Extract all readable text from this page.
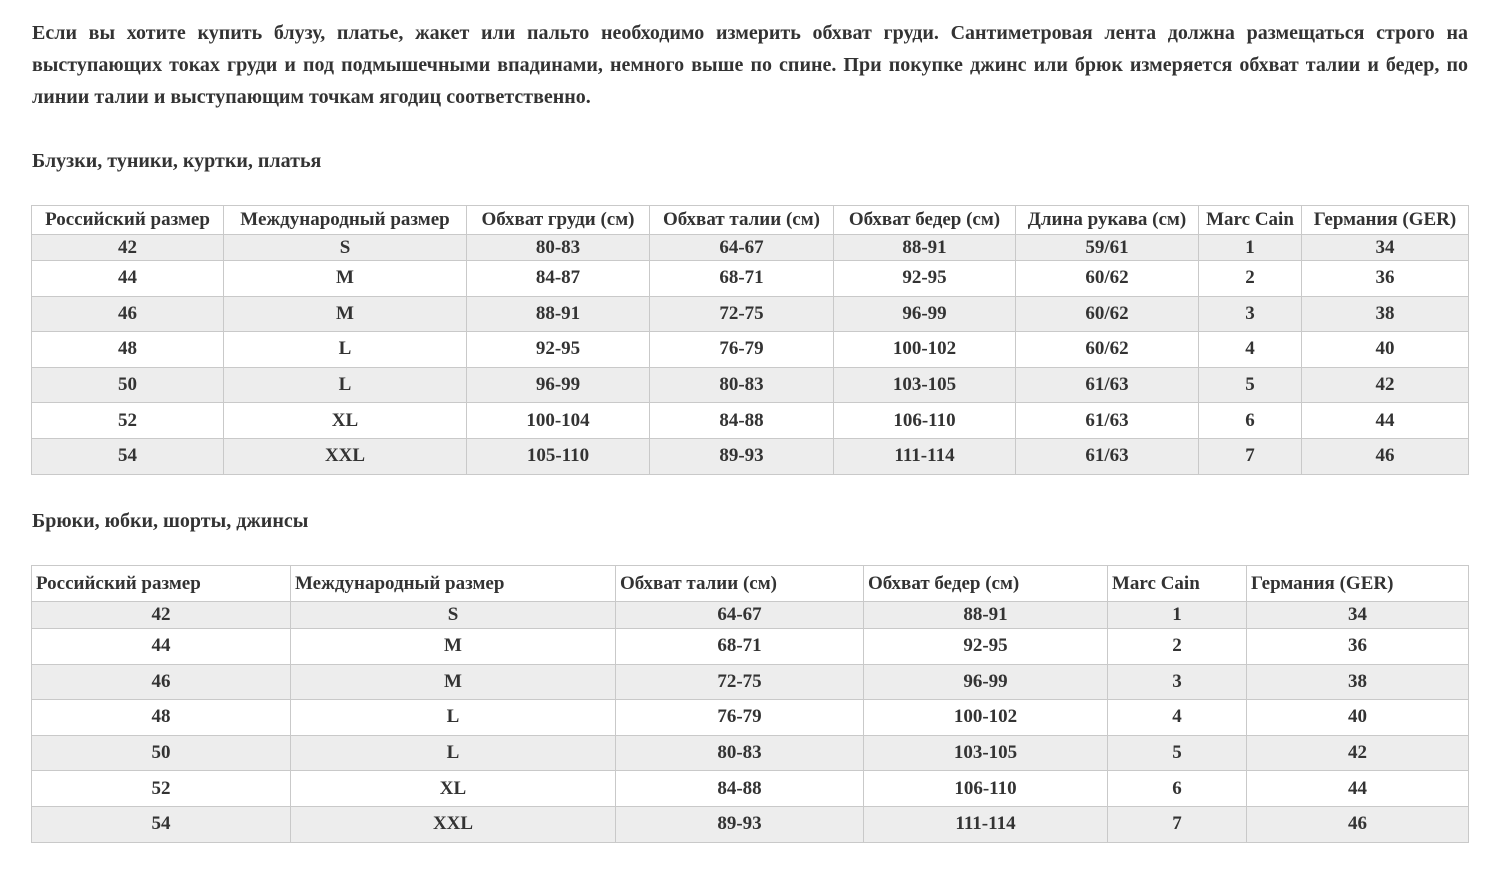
Если вы хотите купить блузу, платье, жакет или пальто необходимо измерить обхват груди. Сантиметровая лента должна размещаться строго на выступающих токах груди и под подмышечными впадинами, немного выше по спине. При покупке джинс или брюк измеряется обхват талии и бедер, по линии талии и выступающим точкам ягодиц соответственно.

Блузки, туники, куртки, платья
Российский размер	Международный размер	Обхват груди (см)	Обхват талии (см)	Обхват бедер (см)	Длина рукава (см)	Marc Cain	Германия (GER)
42	S	80-83	64-67	88-91	59/61	1	34
44	M	84-87	68-71	92-95	60/62	2	36
46	M	88-91	72-75	96-99	60/62	3	38
48	L	92-95	76-79	100-102	60/62	4	40
50	L	96-99	80-83	103-105	61/63	5	42
52	XL	100-104	84-88	106-110	61/63	6	44
54	XXL	105-110	89-93	111-114	61/63	7	46
Брюки, юбки, шорты, джинсы
Российский размер	Международный размер	Обхват талии (см)	Обхват бедер (см)	Marc Cain	Германия (GER)
42	S	64-67	88-91	1	34
44	M	68-71	92-95	2	36
46	M	72-75	96-99	3	38
48	L	76-79	100-102	4	40
50	L	80-83	103-105	5	42
52	XL	84-88	106-110	6	44
54	XXL	89-93	111-114	7	46
